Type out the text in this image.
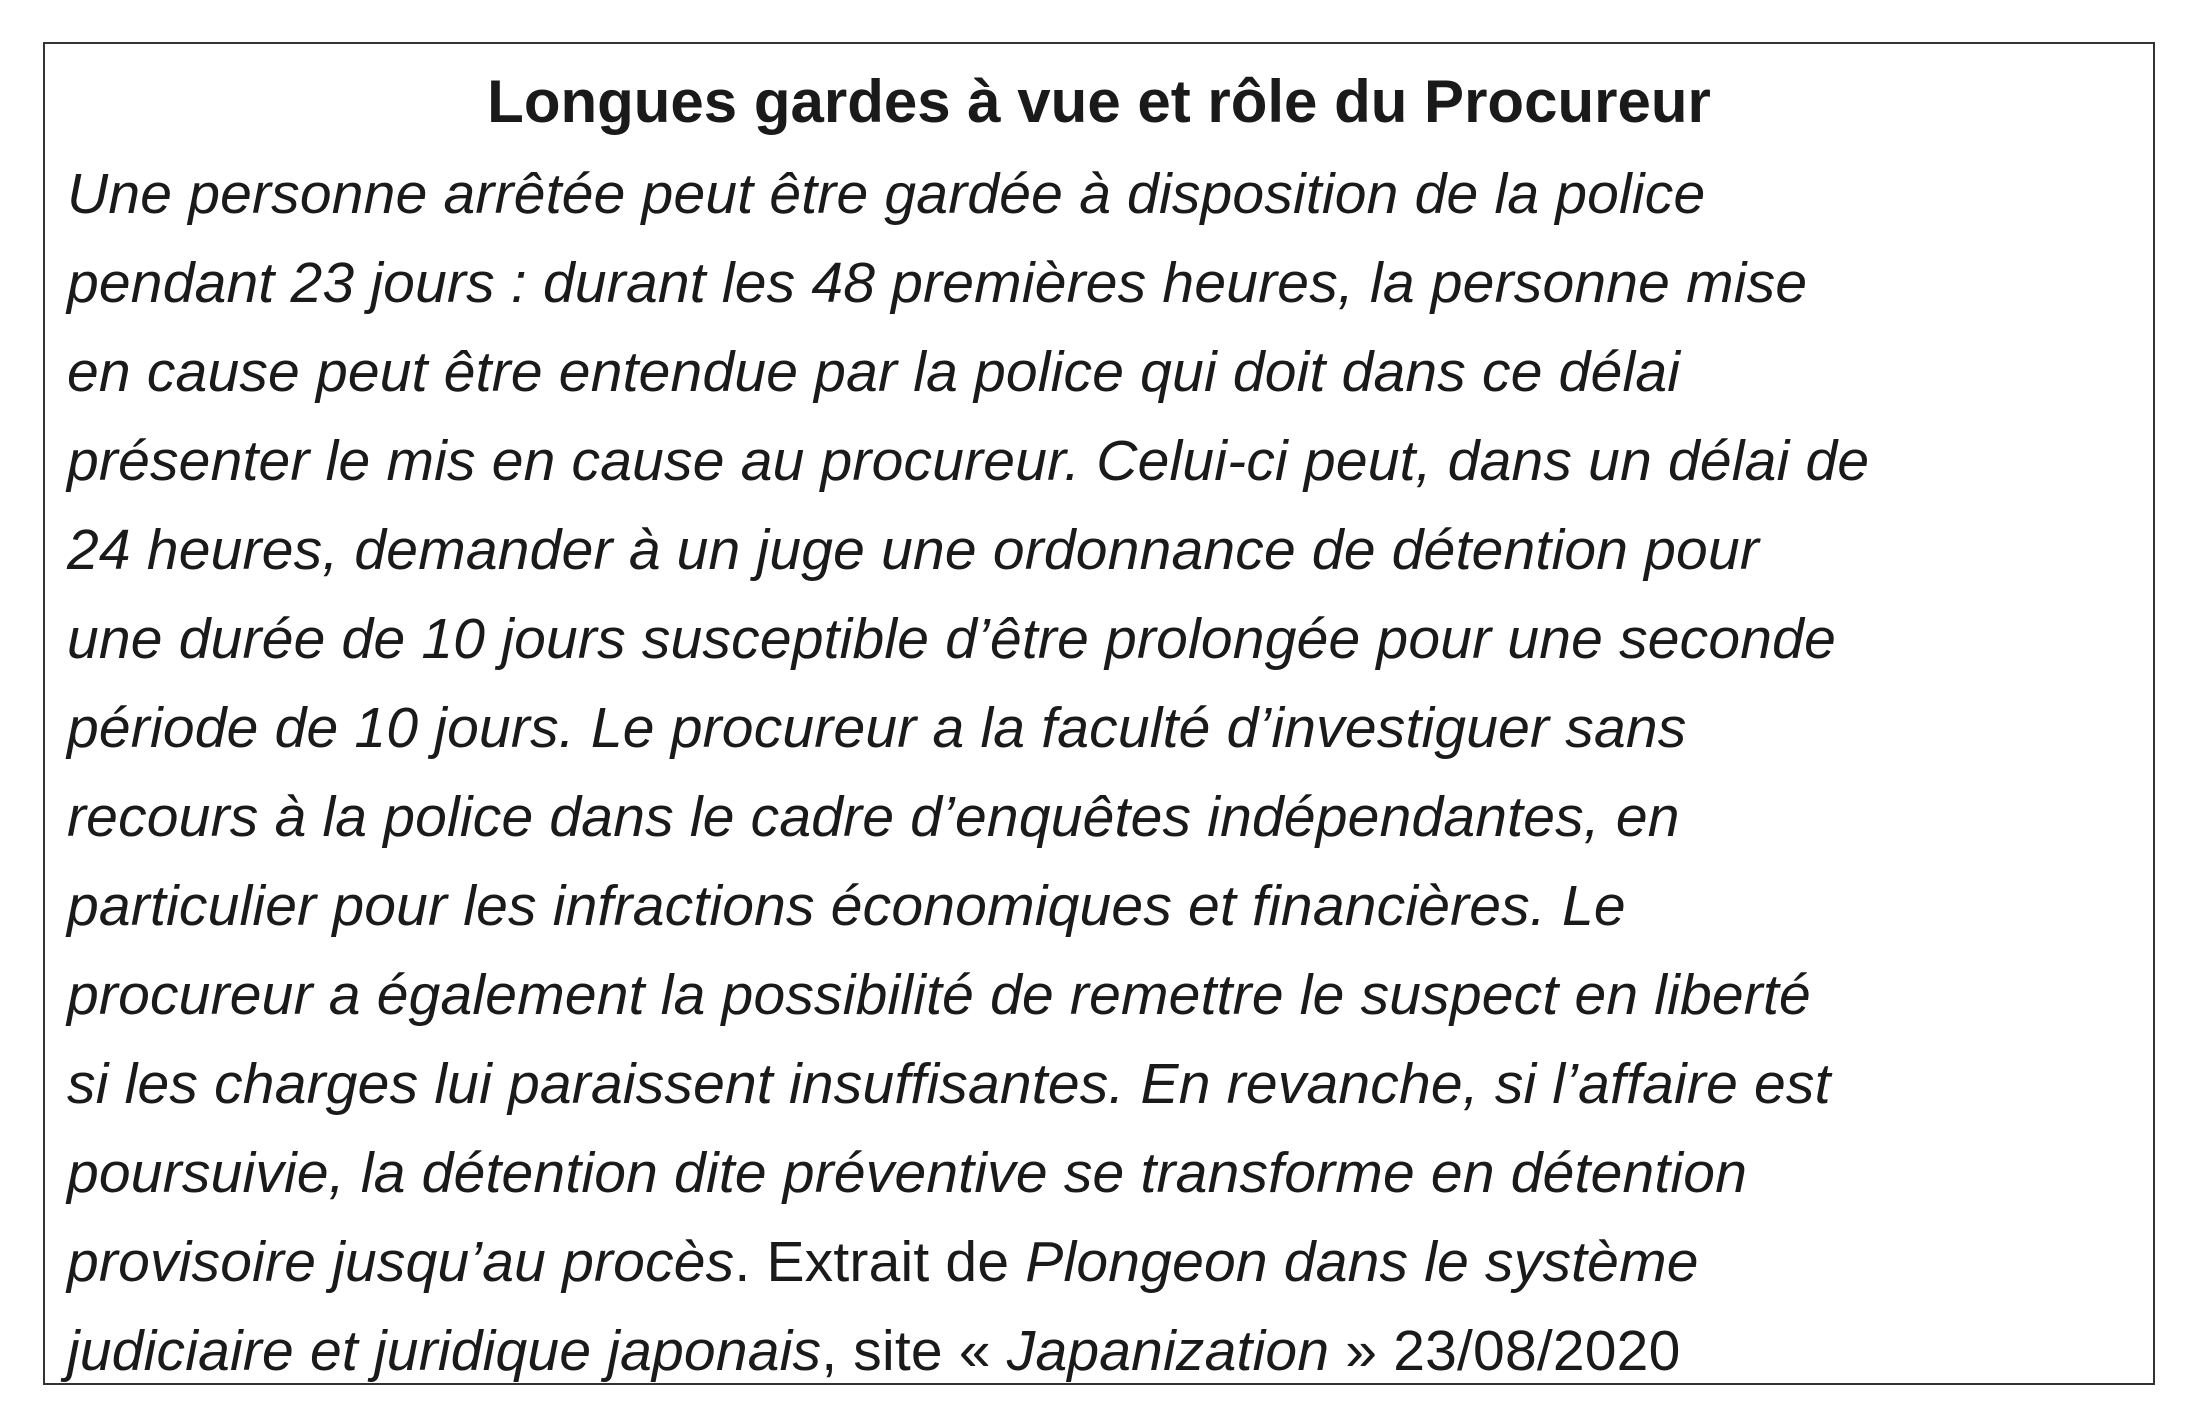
Longues gardes à vue et rôle du Procureur
Une personne arrêtée peut être gardée à disposition de la police
pendant 23 jours : durant les 48 premières heures, la personne mise
en cause peut être entendue par la police qui doit dans ce délai
présenter le mis en cause au procureur. Celui-ci peut, dans un délai de
24 heures, demander à un juge une ordonnance de détention pour
une durée de 10 jours susceptible d’être prolongée pour une seconde
période de 10 jours. Le procureur a la faculté d’investiguer sans
recours à la police dans le cadre d’enquêtes indépendantes, en
particulier pour les infractions économiques et financières. Le
procureur a également la possibilité de remettre le suspect en liberté
si les charges lui paraissent insuffisantes. En revanche, si l’affaire est
poursuivie, la détention dite préventive se transforme en détention
provisoire jusqu’au procès. Extrait de Plongeon dans le système
judiciaire et juridique japonais, site « Japanization » 23/08/2020
